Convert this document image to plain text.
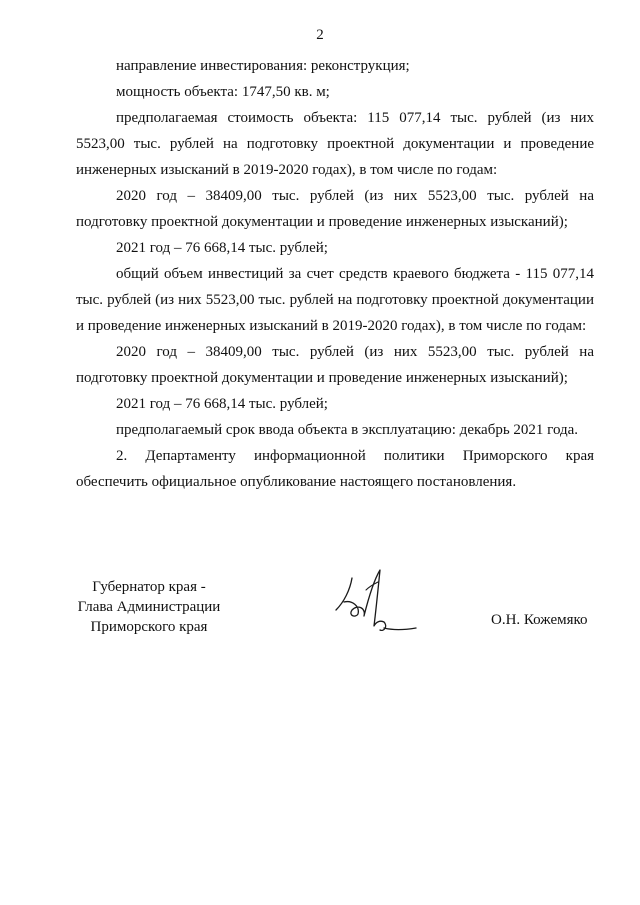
2

направление инвестирования: реконструкция;

мощность объекта: 1747,50 кв. м;

предполагаемая стоимость объекта: 115 077,14 тыс. рублей (из них 5523,00 тыс. рублей на подготовку проектной документации и проведение инженерных изысканий в 2019-2020 годах), в том числе по годам:

2020 год – 38409,00 тыс. рублей (из них 5523,00 тыс. рублей на подготовку проектной документации и проведение инженерных изысканий);

2021 год – 76 668,14 тыс. рублей;

общий объем инвестиций за счет средств краевого бюджета - 115 077,14 тыс. рублей (из них 5523,00 тыс. рублей на подготовку проектной документации и проведение инженерных изысканий в 2019-2020 годах), в том числе по годам:

2020 год – 38409,00 тыс. рублей (из них 5523,00 тыс. рублей на подготовку проектной документации и проведение инженерных изысканий);

2021 год – 76 668,14 тыс. рублей;

предполагаемый срок ввода объекта в эксплуатацию: декабрь 2021 года.

2. Департаменту информационной политики Приморского края обеспечить официальное опубликование настоящего постановления.

Губернатор края -
Глава Администрации
Приморского края	О.Н. Кожемяко
